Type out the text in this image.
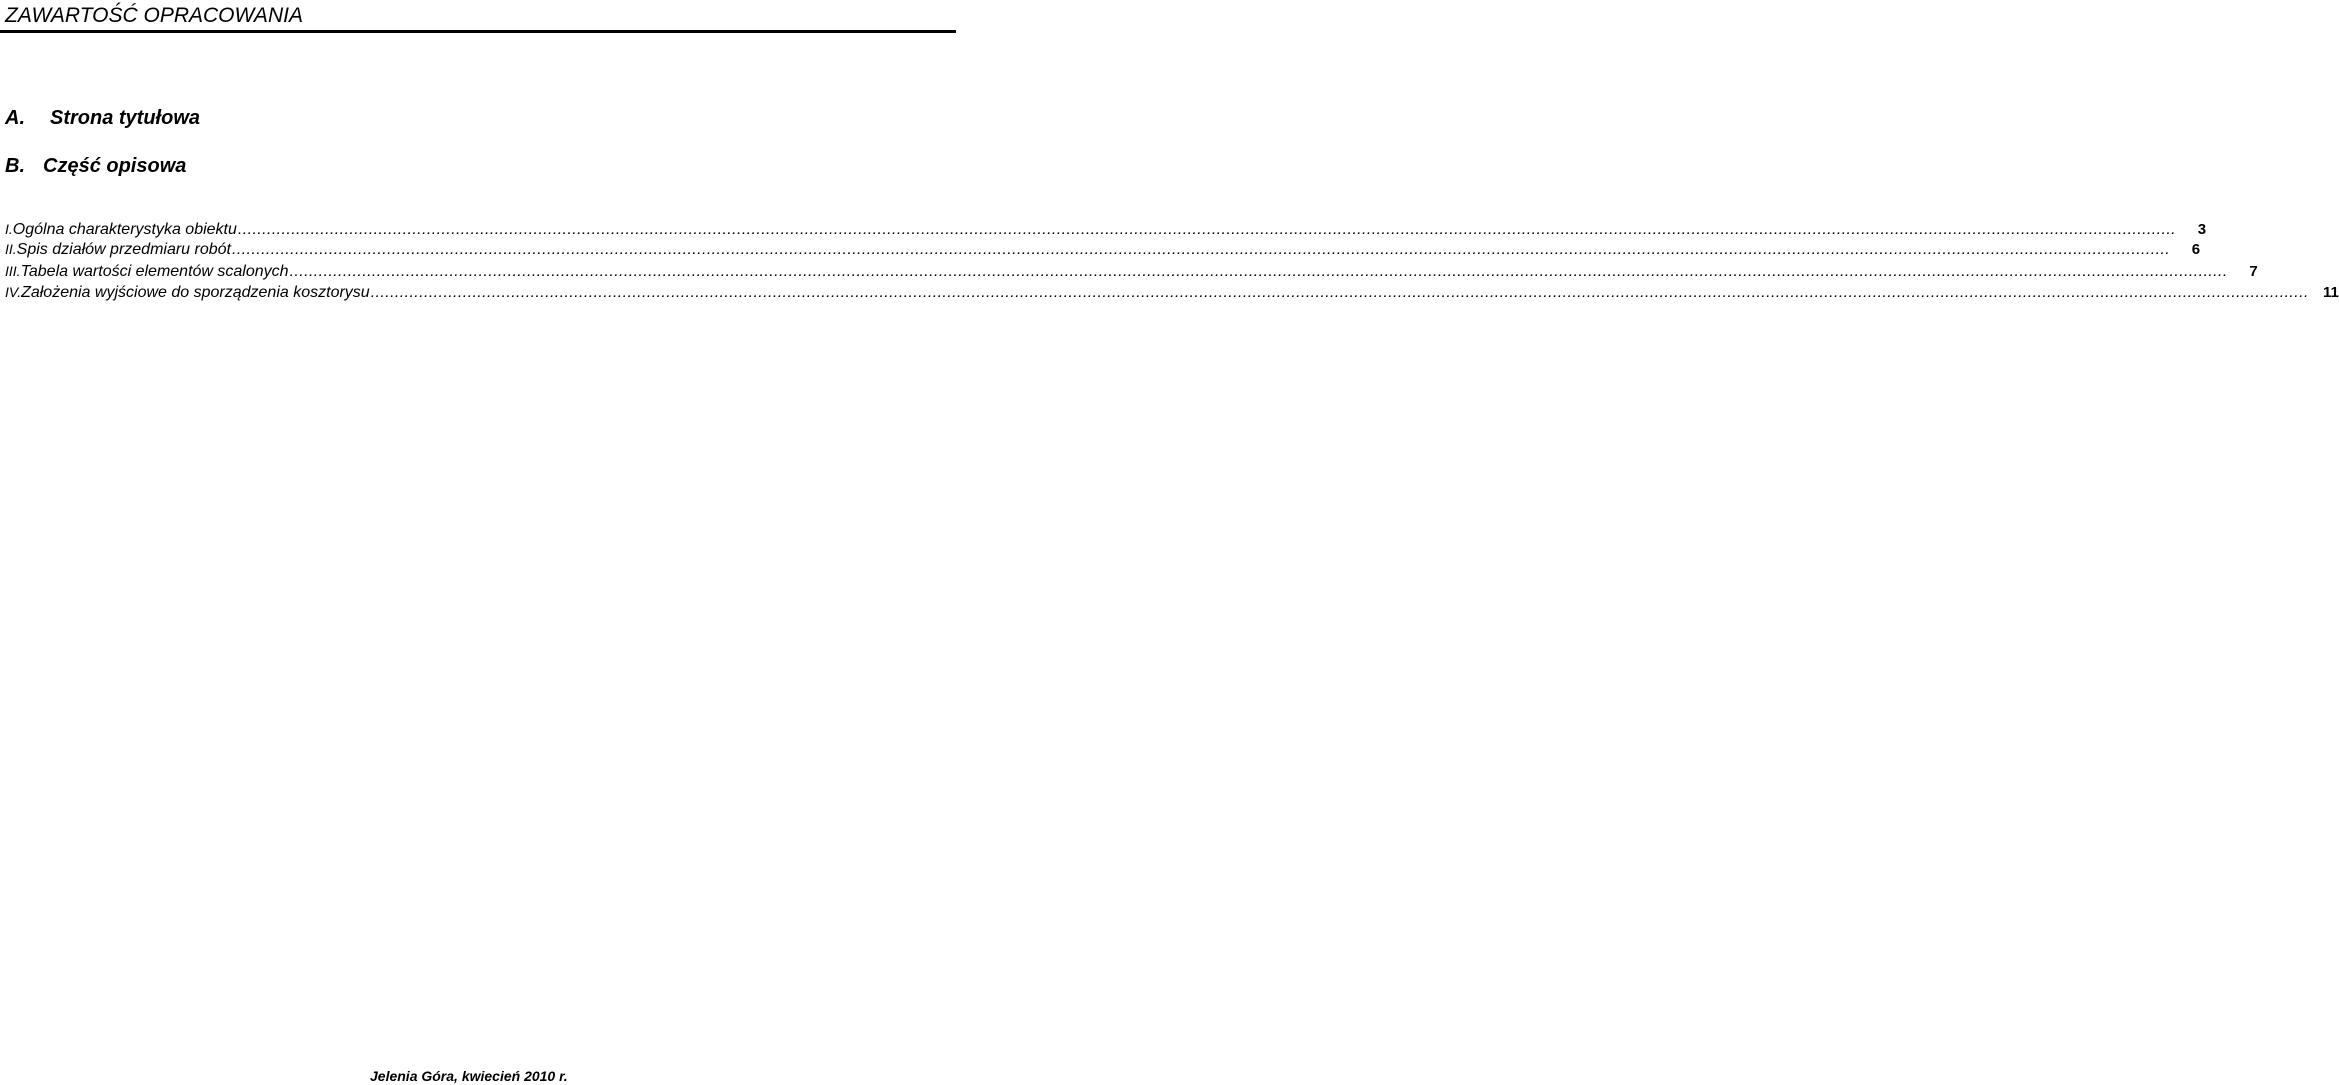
ZAWARTOŚĆ OPRACOWANIA
A. Strona tytułowa
B. Część opisowa
I. Ogólna charakterystyka obiektu ................................................................................................................................................................................................................................................................................................................................................................................................................	3
II. Spis działów przedmiaru robót ................................................................................................................................................................................................................................................................................................................................................................................................................	6
III. Tabela wartości elementów scalonych ................................................................................................................................................................................................................................................................................................................................................................................................................	7
IV. Założenia wyjściowe do sporządzenia kosztorysu ................................................................................................................................................................................................................................................................................................................................................................................................................ 11
Jelenia Góra, kwiecień 2010 r.
